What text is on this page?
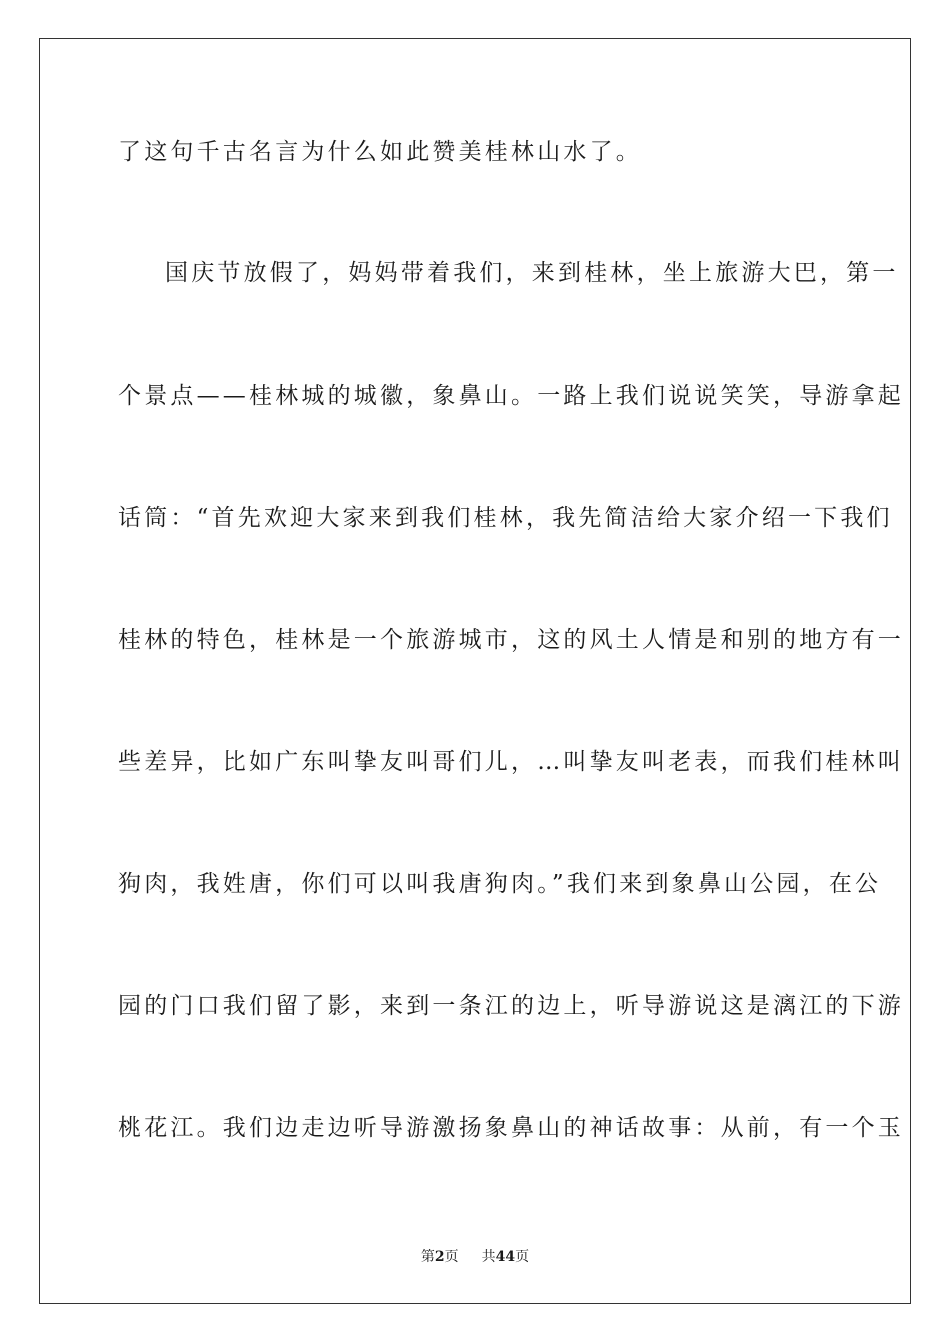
了这句千古名言为什么如此赞美桂林山水了。
国庆节放假了，妈妈带着我们，来到桂林，坐上旅游大巴，第一
个景点——桂林城的城徽，象鼻山。一路上我们说说笑笑，导游拿起
话筒：“首先欢迎大家来到我们桂林，我先简洁给大家介绍一下我们
桂林的特色，桂林是一个旅游城市，这的风土人情是和别的地方有一
些差异，比如广东叫挚友叫哥们儿，…叫挚友叫老表，而我们桂林叫
狗肉，我姓唐，你们可以叫我唐狗肉。”我们来到象鼻山公园，在公
园的门口我们留了影，来到一条江的边上，听导游说这是漓江的下游
桃花江。我们边走边听导游激扬象鼻山的神话故事：从前，有一个玉
第2页 共44页
